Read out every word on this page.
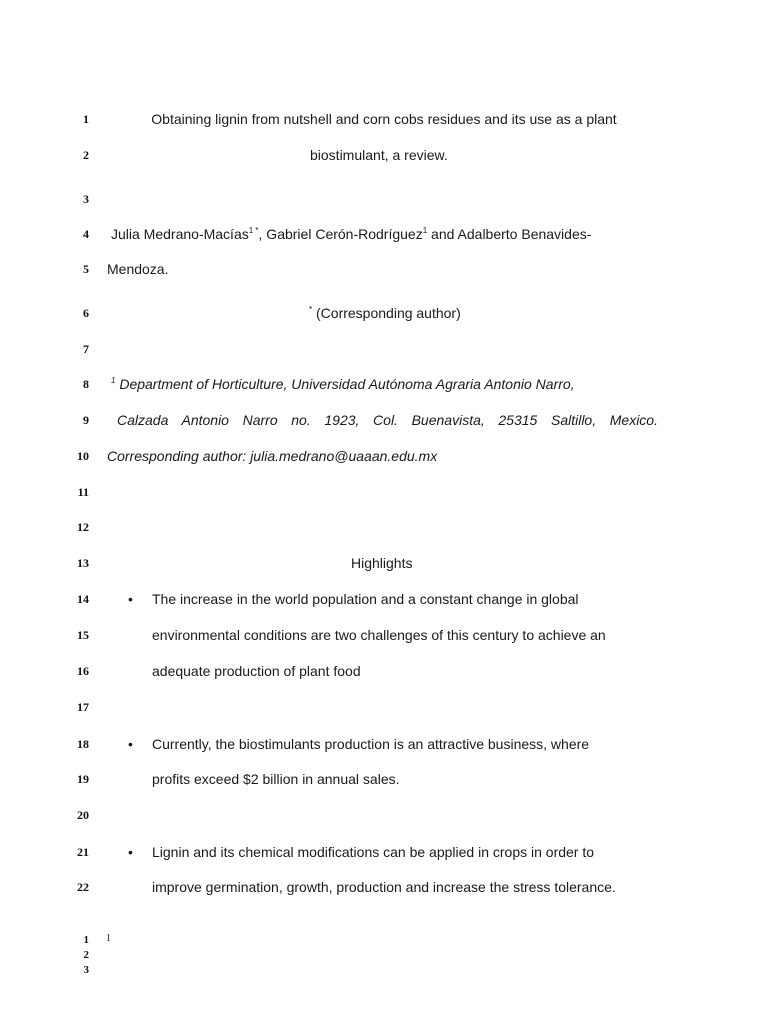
1	Obtaining lignin from nutshell and corn cobs residues and its use as a plant
2	biostimulant, a review.
3
4 Julia Medrano-Macías$^{1 *}$, Gabriel Cerón-Rodríguez$^1$ and Adalberto Benavides-
5 Mendoza.
6	* (Corresponding author)
7
8	$^1$ Department of Horticulture, Universidad Autónoma Agraria Antonio Narro,
9 Calzada Antonio Narro no. 1923, Col. Buenavista, 25315 Saltillo, Mexico.
10 Corresponding author: julia.medrano@uaaan.edu.mx
11
12
13	Highlights
14	• The increase in the world population and a constant change in global
15	environmental conditions are two challenges of this century to achieve an
16	adequate production of plant food
17
18	• Currently, the biostimulants production is an attractive business, where
19	profits exceed $2 billion in annual sales.
20
21	• Lignin and its chemical modifications can be applied in crops in order to
22	improve germination, growth, production and increase the stress tolerance.
1 1
2
3
